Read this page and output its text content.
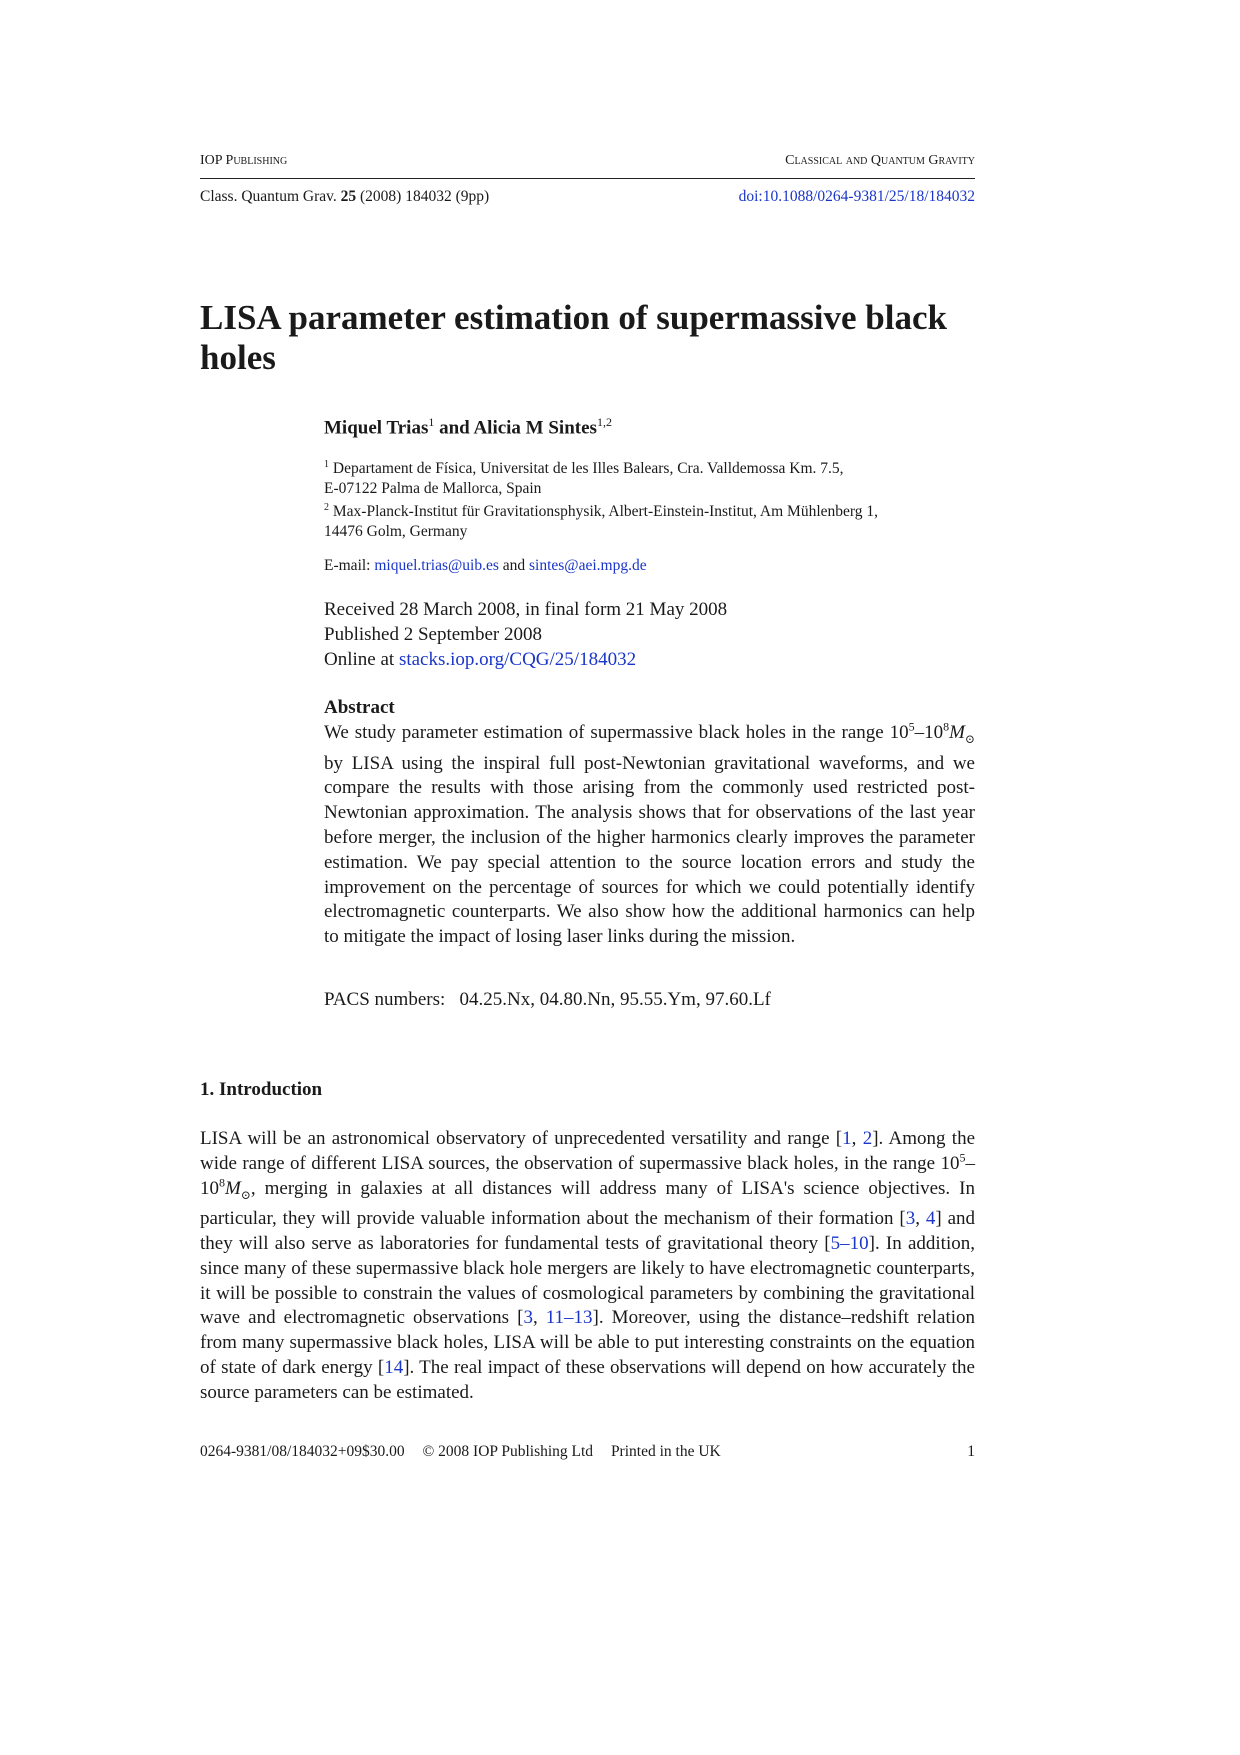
IOP Publishing	Classical and Quantum Gravity
Class. Quantum Grav. 25 (2008) 184032 (9pp)	doi:10.1088/0264-9381/25/18/184032
LISA parameter estimation of supermassive black holes
Miquel Trias$^1$ and Alicia M Sintes$^{1,2}$
$^1$ Departament de Física, Universitat de les Illes Balears, Cra. Valldemossa Km. 7.5,
E-07122 Palma de Mallorca, Spain
$^2$ Max-Planck-Institut für Gravitationsphysik, Albert-Einstein-Institut, Am Mühlenberg 1,
14476 Golm, Germany
E-mail: miquel.trias@uib.es and sintes@aei.mpg.de
Received 28 March 2008, in final form 21 May 2008
Published 2 September 2008
Online at stacks.iop.org/CQG/25/184032
Abstract

We study parameter estimation of supermassive black holes in the range $10^5-10^8M_⊙$ by LISA using the inspiral full post-Newtonian gravitational waveforms, and we compare the results with those arising from the commonly used restricted post-Newtonian approximation. The analysis shows that for observations of the last year before merger, the inclusion of the higher harmonics clearly improves the parameter estimation. We pay special attention to the source location errors and study the improvement on the percentage of sources for which we could potentially identify electromagnetic counterparts. We also show how the additional harmonics can help to mitigate the impact of losing laser links during the mission.

PACS numbers:   04.25.Nx, 04.80.Nn, 95.55.Ym, 97.60.Lf
1. Introduction

LISA will be an astronomical observatory of unprecedented versatility and range [1, 2]. Among the wide range of different LISA sources, the observation of supermassive black holes, in the range $10^5-10^8M_⊙$, merging in galaxies at all distances will address many of LISA's science objectives. In particular, they will provide valuable information about the mechanism of their formation [3, 4] and they will also serve as laboratories for fundamental tests of gravitational theory [5–10]. In addition, since many of these supermassive black hole mergers are likely to have electromagnetic counterparts, it will be possible to constrain the values of cosmological parameters by combining the gravitational wave and electromagnetic observations [3, 11–13]. Moreover, using the distance–redshift relation from many supermassive black holes, LISA will be able to put interesting constraints on the equation of state of dark energy [14]. The real impact of these observations will depend on how accurately the source parameters can be estimated.

0264-9381/08/184032+09$30.00 © 2008 IOP Publishing Ltd Printed in the UK	1
